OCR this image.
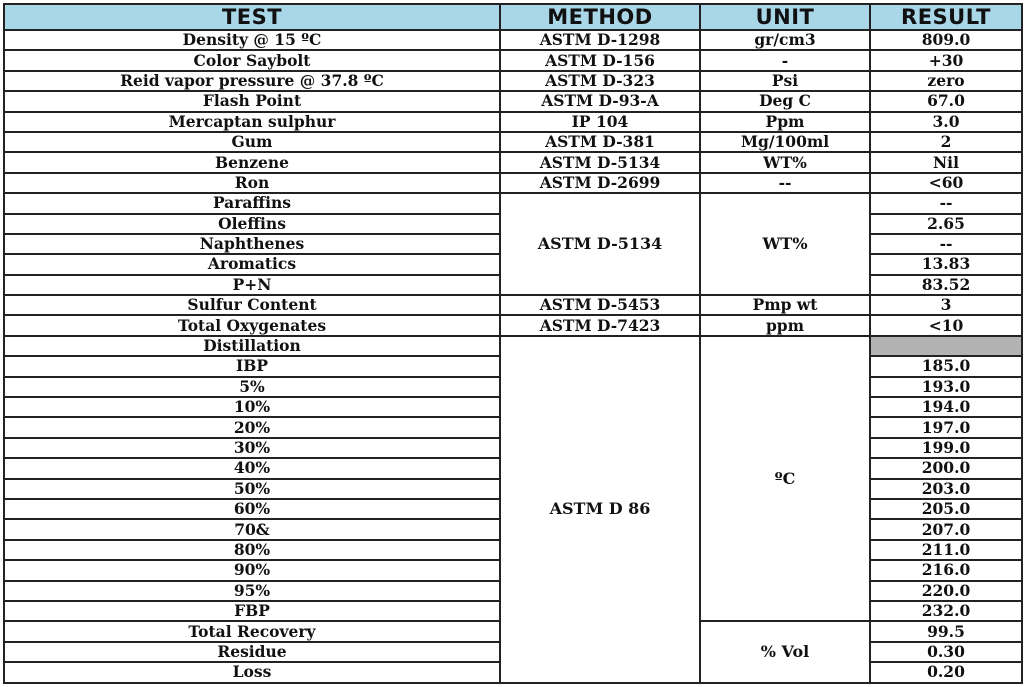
TEST	METHOD	UNIT	RESULT
Density @ 15 ºC	ASTM D-1298	gr/cm3	809.0
Color Saybolt	ASTM D-156	-	+30
Reid vapor pressure @ 37.8 ºC	ASTM D-323	Psi	zero
Flash Point	ASTM D-93-A	Deg C	67.0
Mercaptan sulphur	IP 104	Ppm	3.0
Gum	ASTM D-381	Mg/100ml	2
Benzene	ASTM D-5134	WT%	Nil
Ron	ASTM D-2699	--	<60
Paraffins	ASTM D-5134	WT%	--
Oleffins			2.65
Naphthenes			--
Aromatics			13.83
P+N			83.52
Sulfur Content	ASTM D-5453	Pmp wt	3
Total Oxygenates	ASTM D-7423	ppm	<10
Distillation	ASTM D 86	ºC	
IBP			185.0
5%			193.0
10%			194.0
20%			197.0
30%			199.0
40%			200.0
50%			203.0
60%			205.0
70&			207.0
80%			211.0
90%			216.0
95%			220.0
FBP			232.0
Total Recovery		% Vol	99.5
Residue			0.30
Loss			0.20
